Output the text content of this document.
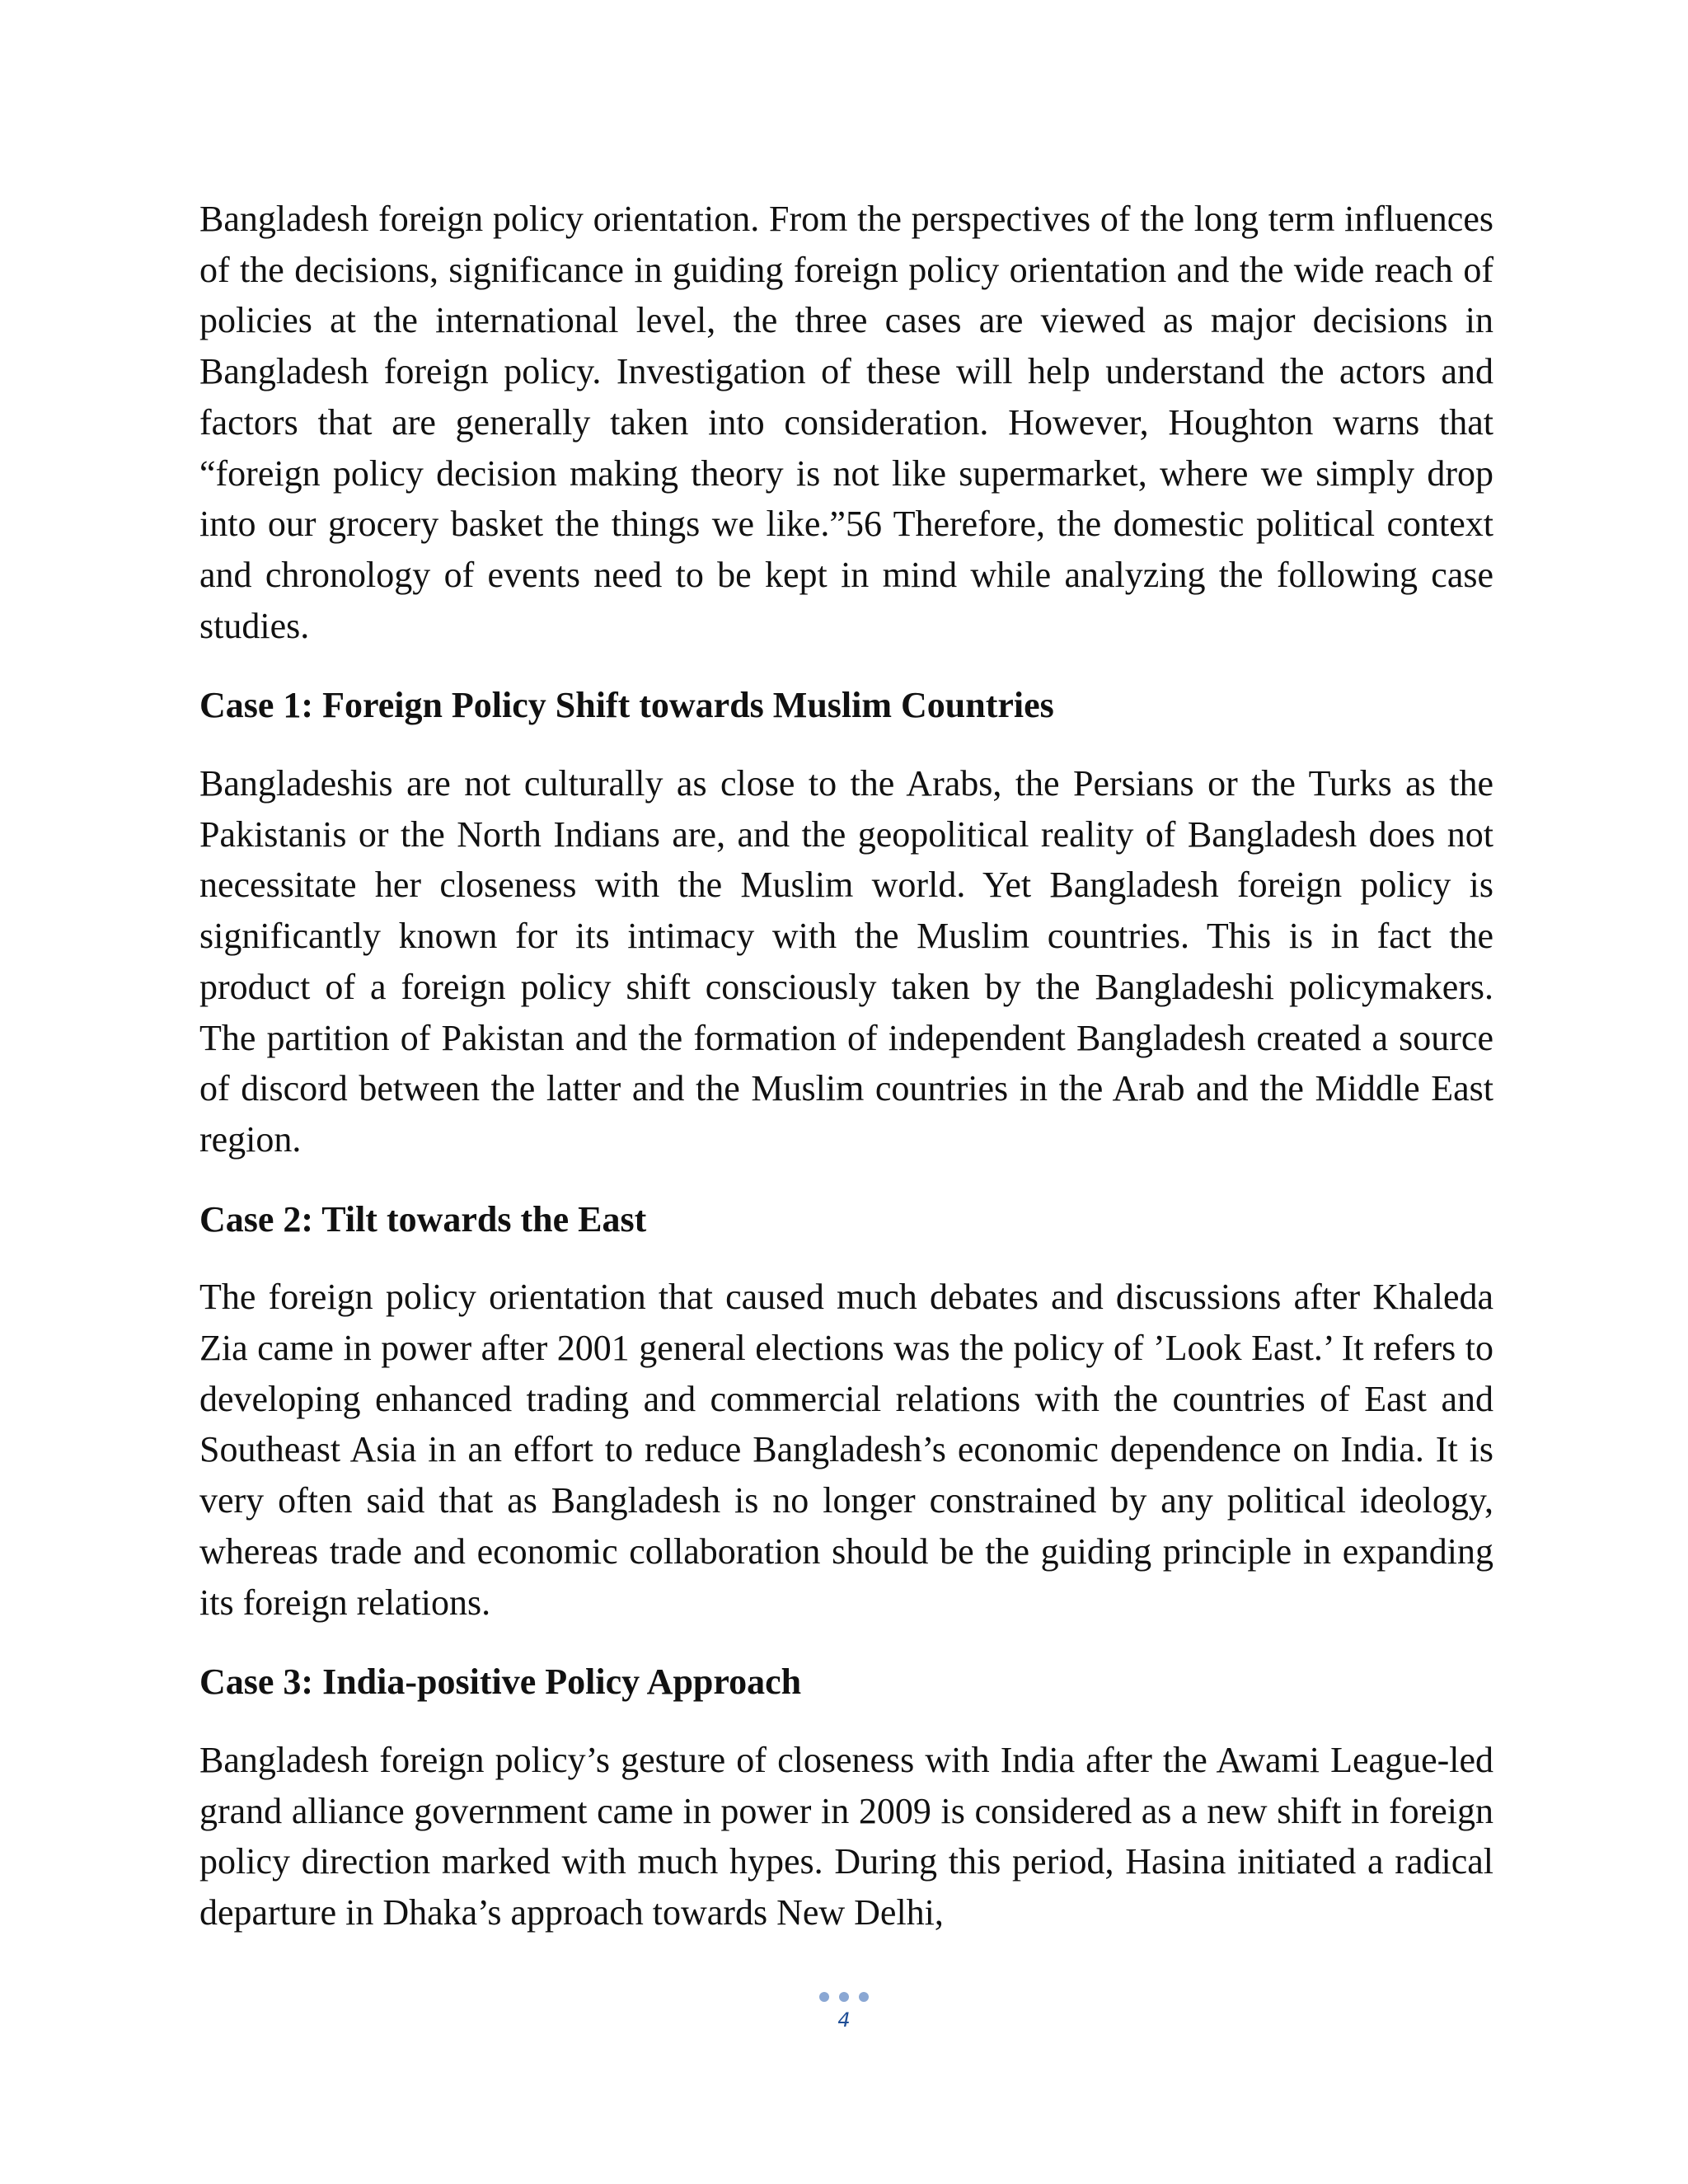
Bangladesh foreign policy orientation. From the perspectives of the long term influences of the decisions, significance in guiding foreign policy orientation and the wide reach of policies at the international level, the three cases are viewed as major decisions in Bangladesh foreign policy. Investigation of these will help understand the actors and factors that are generally taken into consideration. However, Houghton warns that “foreign policy decision making theory is not like supermarket, where we simply drop into our grocery basket the things we like.”56 Therefore, the domestic political context and chronology of events need to be kept in mind while analyzing the following case studies.

Case 1: Foreign Policy Shift towards Muslim Countries

Bangladeshis are not culturally as close to the Arabs, the Persians or the Turks as the Pakistanis or the North Indians are, and the geopolitical reality of Bangladesh does not necessitate her closeness with the Muslim world. Yet Bangladesh foreign policy is significantly known for its intimacy with the Muslim countries. This is in fact the product of a foreign policy shift consciously taken by the Bangladeshi policymakers. The partition of Pakistan and the formation of independent Bangladesh created a source of discord between the latter and the Muslim countries in the Arab and the Middle East region.

Case 2: Tilt towards the East

The foreign policy orientation that caused much debates and discussions after Khaleda Zia came in power after 2001 general elections was the policy of ’Look East.’ It refers to developing enhanced trading and commercial relations with the countries of East and Southeast Asia in an effort to reduce Bangladesh’s economic dependence on India. It is very often said that as Bangladesh is no longer constrained by any political ideology, whereas trade and economic collaboration should be the guiding principle in expanding its foreign relations.

Case 3: India-positive Policy Approach

Bangladesh foreign policy’s gesture of closeness with India after the Awami League-led grand alliance government came in power in 2009 is considered as a new shift in foreign policy direction marked with much hypes. During this period, Hasina initiated a radical departure in Dhaka’s approach towards New Delhi,

4
